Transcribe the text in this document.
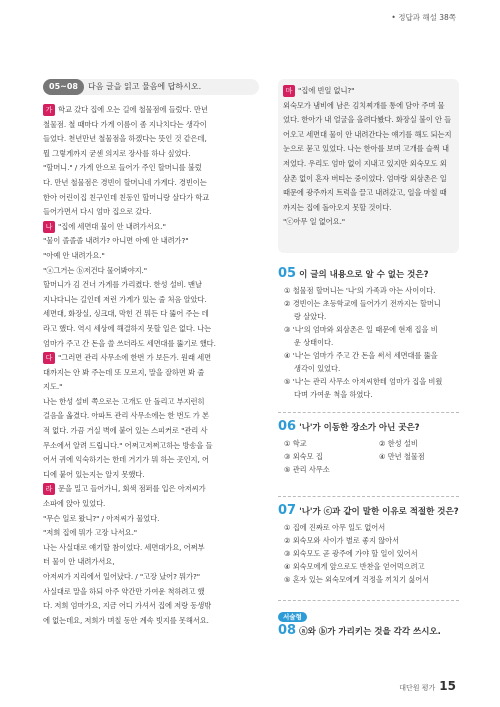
• 정답과 해설 38쪽
05~08 다음 글을 읽고 물음에 답하시오.
가 학교 갔다 집에 오는 길에 철물점에 들렀다. 만년
철물점. 철 때마다 가게 이름이 좀 지나치다는 생각이
들었다. 천년만년 철물점을 하겠다는 뜻인 것 같은데,
뭘 그렇게까지 굳센 의지로 장사를 하나 싶었다.
"할머니." / 가게 안으로 들어가 주인 할머니를 불렀
다. 만년 철물점은 경빈이 할머니네 가게다. 경빈이는
한아 어린이집 친구인데 친동인 할머니랑 살다가 학교
들어가면서 다시 엄마 집으로 갔다.
나 "집에 세면대 물이 안 내려가서요."
"물이 졸졸졸 내려가? 아니면 아예 안 내려가?"
"아예 안 내려가요."
"ⓐ그거는 ⓑ저건다 물어봐야지."
할머니가 김 건너 가게를 가리켰다. 한성 설비. 맨날
지나다니는 길인데 저런 가게가 있는 줄 처음 알았다.
세면대, 화장실, 싱크대, 막힌 건 뭐든 다 뚫어 주는 데
라고 했다. 역시 세상에 해결하지 못할 일은 없다. 나는
엄마가 주고 간 돈을 쓸 쓰더라도 세면대를 뚫기로 했다.
다 "그러면 관리 사무소에 한번 가 보든가. 원래 세면
대까지는 안 봐 주는데 또 모르지, 말을 잘하면 봐 줄
지도."
나는 한성 설비 쪽으로는 고개도 안 돌리고 부지런히
걸음을 옮겼다. 아파트 관리 사무소에는 한 번도 가 본
적 없다. 가끔 거실 벽에 붙어 있는 스피커로 "관리 사
무소에서 알려 드립니다." 어쩌고저쩌고하는 방송을 들
어서 귀에 익숙하기는 한데 거기가 뭐 하는 곳인지, 어
디에 붙어 있는지는 알지 못했다.
라 문을 밀고 들어가니, 회색 점퍼를 입은 아저씨가
소파에 앉아 있었다.
"무슨 일로 왔니?" / 아저씨가 물었다.
"저희 집에 뭐가 고장 나서요."
나는 사실대로 얘기할 참이었다. 세면대가요, 어쩌부
터 물이 안 내려가서요,
아저씨가 지리에서 일어났다. / "고장 났어? 뭐가?"
사실대로 말을 하되 아주 약간만 가여운 척하려고 했
다. 저희 엄마가요, 지금 어디 가셔서 집에 저랑 동생밖
에 없는데요, 저희가 며칠 동안 계속 빗지를 못해서요.
마 "집에 빈일 없니?"
외숙모가 냄비에 남은 김치찌개를 통에 담아 주며 물
었다. 한아가 내 얼굴을 올려다봤다. 화장실 불이 안 들
어오고 세면대 물이 안 내려간다는 얘기를 해도 되는지
눈으로 묻고 있었다. 나는 한아를 보며 고개를 슬쩍 내
저었다. 우리도 엄마 없이 지내고 있지만 외숙모도 외
삼촌 없이 혼자 버티는 중이었다. 엄마랑 외삼촌은 일
때문에 광주까지 트럭을 끌고 내려갔고, 일을 마칠 때
까지는 집에 돌아오지 못할 것이다.
"ⓒ아무 일 없어요."
05 이 글의 내용으로 알 수 없는 것은?
① 철물점 할머니는 '나'의 가족과 아는 사이이다.
② 경빈이는 초등학교에 들어가기 전까지는 할머니
랑 살았다.
③ '나'의 엄마와 외삼촌은 일 때문에 현재 집을 비
운 상태이다.
④ '나'는 엄마가 주고 간 돈을 써서 세면대를 뚫을
생각이 있었다.
⑤ '나'는 관리 사무소 아저씨한테 엄마가 집을 비웠
다며 가여운 척을 하였다.
06 '나'가 이동한 장소가 아닌 곳은?
① 학교	② 한성 설비
③ 외숙모 집	④ 만년 철물점
⑤ 관리 사무소
07 '나'가 ⓒ과 같이 말한 이유로 적절한 것은?
① 집에 진짜로 아무 일도 없어서
② 외숙모와 사이가 별로 좋지 않아서
③ 외숙모도 곧 광주에 가야 할 일이 있어서
④ 외숙모에게 앞으로도 반찬을 얻어먹으려고
⑤ 혼자 있는 외숙모에게 걱정을 끼치기 싫어서
서술형
08 ⓐ와 ⓑ가 가리키는 것을 각각 쓰시오.
대단원 평가 15
